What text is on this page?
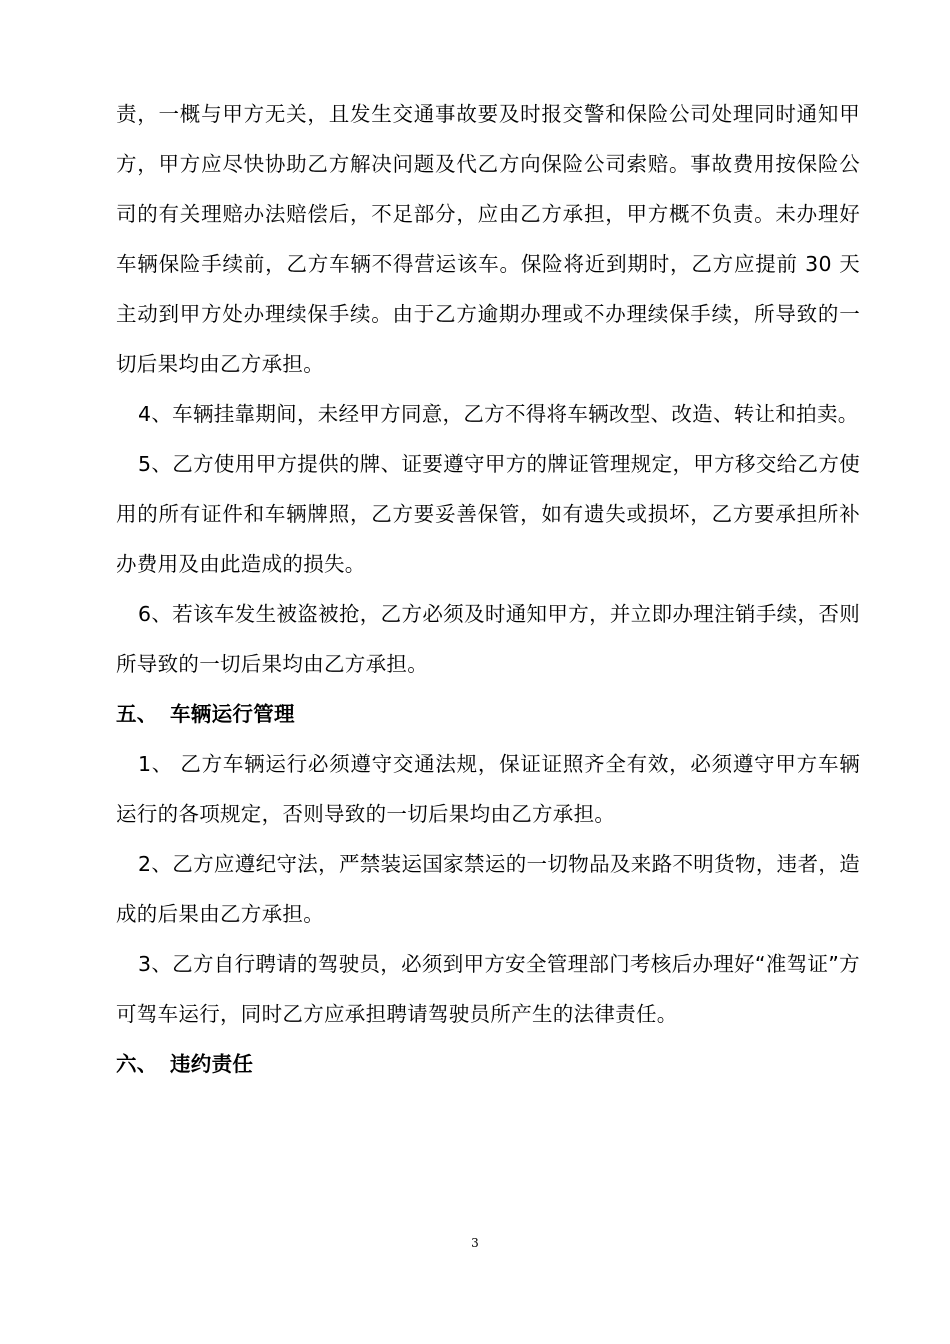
责，一概与甲方无关，且发生交通事故要及时报交警和保险公司处理同时通知甲方，甲方应尽快协助乙方解决问题及代乙方向保险公司索赔。事故费用按保险公司的有关理赔办法赔偿后，不足部分，应由乙方承担，甲方概不负责。未办理好车辆保险手续前，乙方车辆不得营运该车。保险将近到期时，乙方应提前 30 天主动到甲方处办理续保手续。由于乙方逾期办理或不办理续保手续，所导致的一切后果均由乙方承担。

4、车辆挂靠期间，未经甲方同意，乙方不得将车辆改型、改造、转让和拍卖。

5、乙方使用甲方提供的牌、证要遵守甲方的牌证管理规定，甲方移交给乙方使用的所有证件和车辆牌照，乙方要妥善保管，如有遗失或损坏，乙方要承担所补办费用及由此造成的损失。

6、若该车发生被盗被抢，乙方必须及时通知甲方，并立即办理注销手续，否则所导致的一切后果均由乙方承担。

五、 车辆运行管理

1、 乙方车辆运行必须遵守交通法规，保证证照齐全有效，必须遵守甲方车辆运行的各项规定，否则导致的一切后果均由乙方承担。

2、乙方应遵纪守法，严禁装运国家禁运的一切物品及来路不明货物，违者，造成的后果由乙方承担。

3、乙方自行聘请的驾驶员，必须到甲方安全管理部门考核后办理好“准驾证”方可驾车运行，同时乙方应承担聘请驾驶员所产生的法律责任。

六、 违约责任
3
